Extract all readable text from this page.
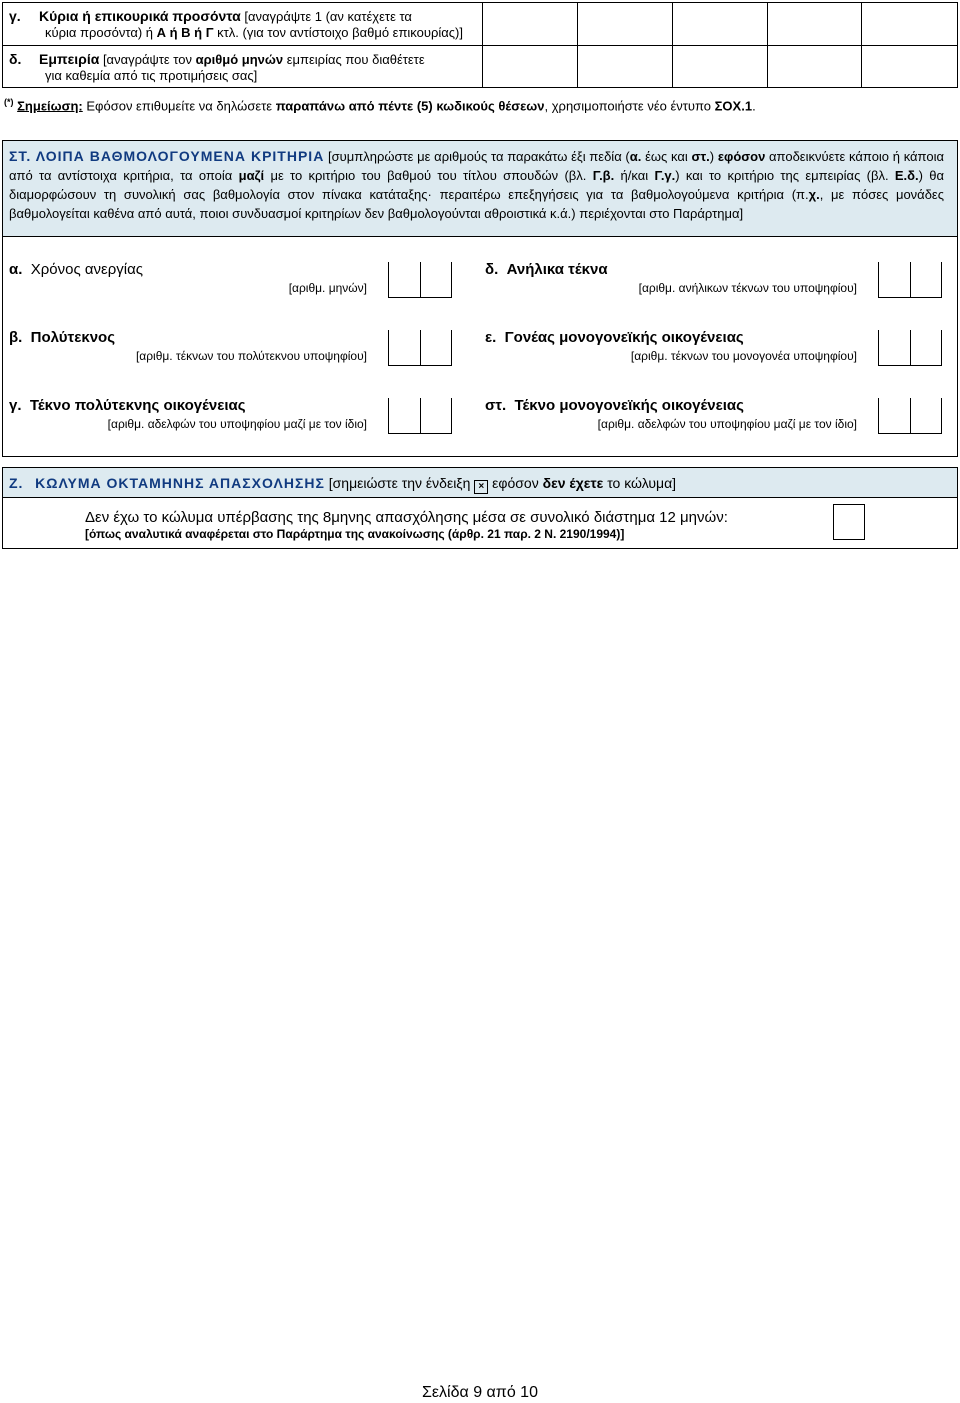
γ. Κύρια ή επικουρικά προσόντα [αναγράψτε 1 (αν κατέχετε τα
κύρια προσόντα) ή Α ή Β ή Γ κτλ. (για τον αντίστοιχο βαθμό επικουρίας)]
δ. Εμπειρία [αναγράψτε τον αριθμό μηνών εμπειρίας που διαθέτετε
για καθεμία από τις προτιμήσεις σας]
(*) Σημείωση: Εφόσον επιθυμείτε να δηλώσετε παραπάνω από πέντε (5) κωδικούς θέσεων, χρησιμοποιήστε νέο έντυπο ΣΟΧ.1.
ΣΤ. ΛΟΙΠΑ ΒΑΘΜΟΛΟΓΟΥΜΕΝΑ ΚΡΙΤΗΡΙΑ [συμπληρώστε με αριθμούς τα παρακάτω έξι πεδία (α. έως και στ.) εφόσον αποδεικνύετε κάποιο ή κάποια από τα αντίστοιχα κριτήρια, τα οποία μαζί με το κριτήριο του βαθμού του τίτλου σπουδών (βλ. Γ.β. ή/και Γ.γ.) και το κριτήριο της εμπειρίας (βλ. Ε.δ.) θα διαμορφώσουν τη συνολική σας βαθμολογία στον πίνακα κατάταξης· περαιτέρω επεξηγήσεις για τα βαθμολογούμενα κριτήρια (π.χ., με πόσες μονάδες βαθμολογείται καθένα από αυτά, ποιοι συνδυασμοί κριτηρίων δεν βαθμολογούνται αθροιστικά κ.ά.) περιέχονται στο Παράρτημα]
α. Χρόνος ανεργίας
[αριθμ. μηνών]
δ. Ανήλικα τέκνα
[αριθμ. ανήλικων τέκνων του υποψηφίου]
β. Πολύτεκνος
[αριθμ. τέκνων του πολύτεκνου υποψηφίου]
ε. Γονέας μονογονεϊκής οικογένειας
[αριθμ. τέκνων του μονογονέα υποψηφίου]
γ. Τέκνο πολύτεκνης οικογένειας
[αριθμ. αδελφών του υποψηφίου μαζί με τον ίδιο]
στ. Τέκνο μονογονεϊκής οικογένειας
[αριθμ. αδελφών του υποψηφίου μαζί με τον ίδιο]
Ζ. ΚΩΛΥΜΑ ΟΚΤΑΜΗΝΗΣ ΑΠΑΣΧΟΛΗΣΗΣ [σημειώστε την ένδειξη × εφόσον δεν έχετε το κώλυμα]
Δεν έχω το κώλυμα υπέρβασης της 8μηνης απασχόλησης μέσα σε συνολικό διάστημα 12 μηνών:
[όπως αναλυτικά αναφέρεται στο Παράρτημα της ανακοίνωσης (άρθρ. 21 παρ. 2 Ν. 2190/1994)]
Σελίδα 9 από 10
